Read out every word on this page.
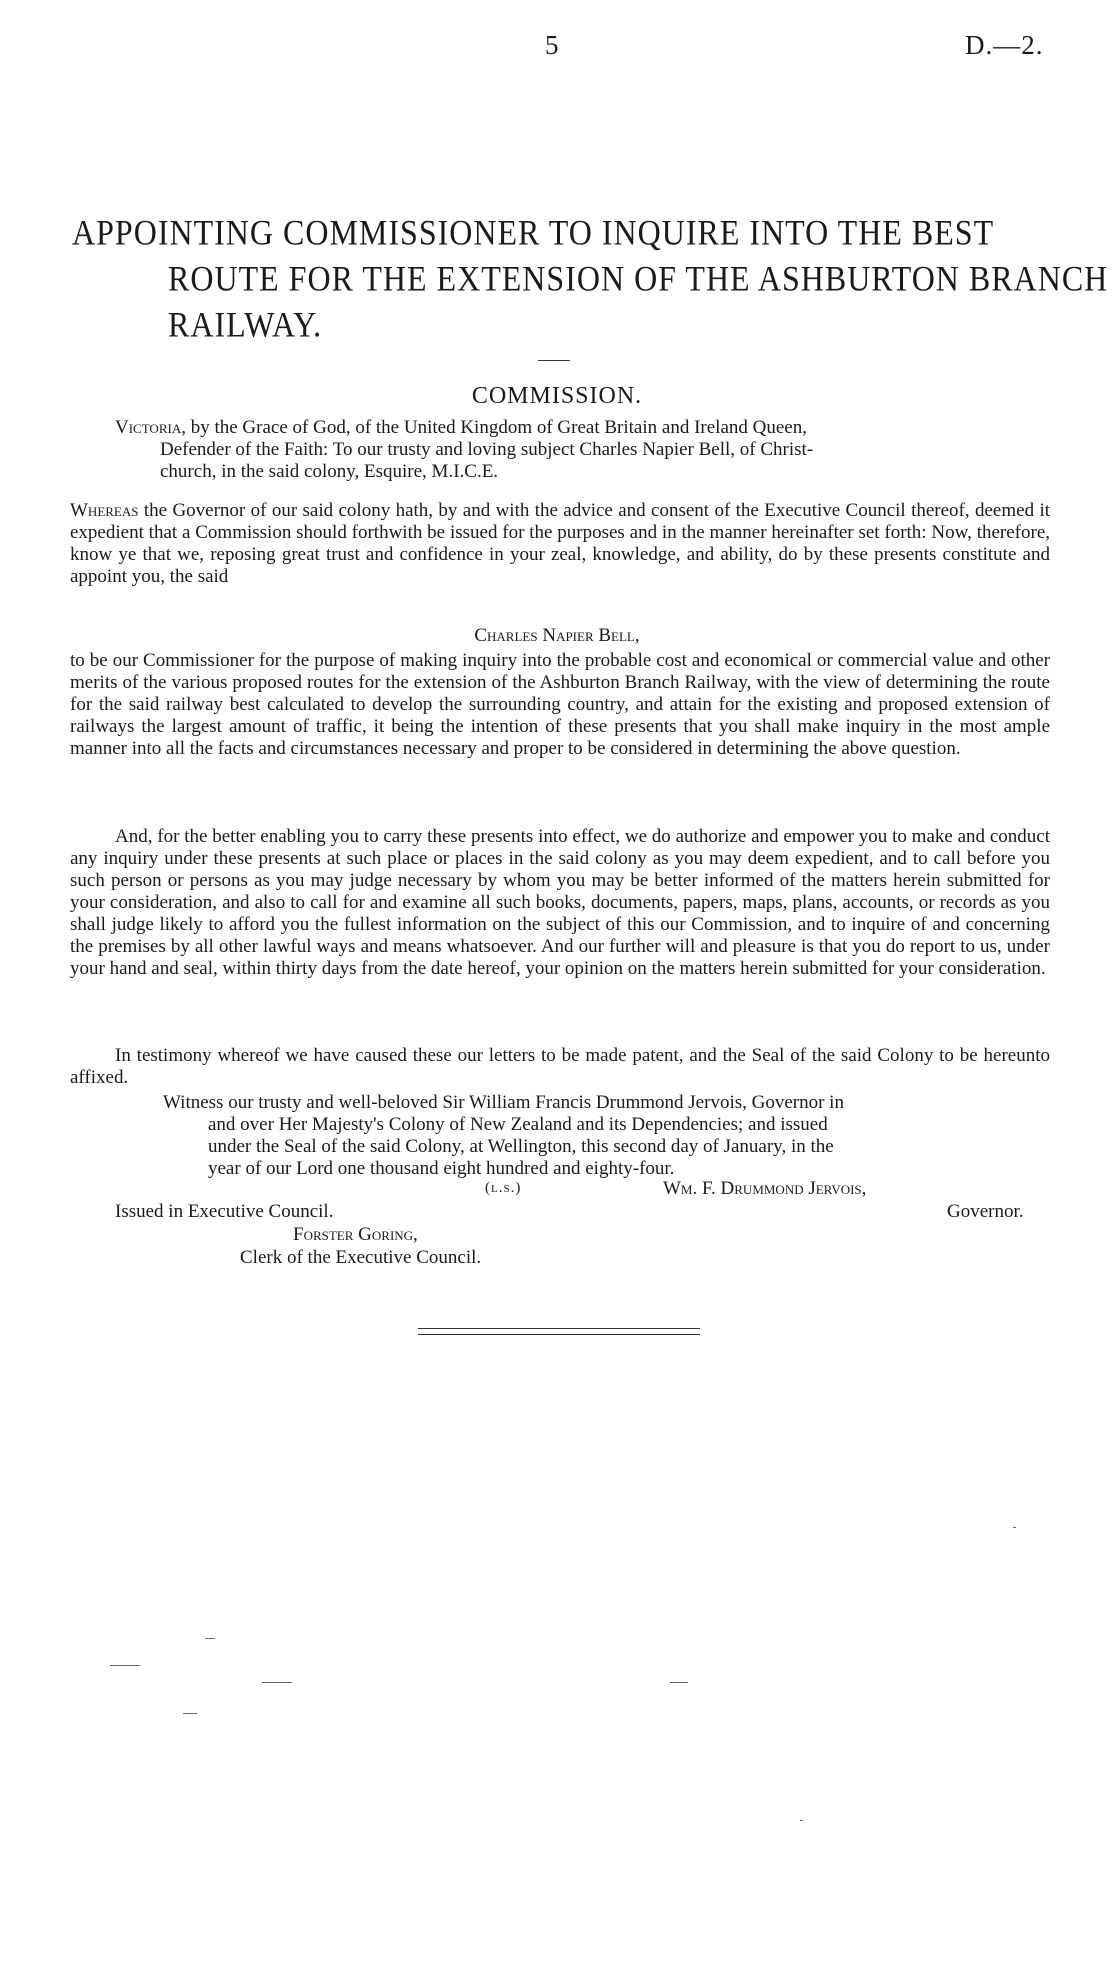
5	D.—2.
APPOINTING COMMISSIONER TO INQUIRE INTO THE BEST
ROUTE FOR THE EXTENSION OF THE ASHBURTON BRANCH
RAILWAY.
COMMISSION.
Victoria, by the Grace of God, of the United Kingdom of Great Britain and Ireland Queen,
Defender of the Faith: To our trusty and loving subject Charles Napier Bell, of Christ-
church, in the said colony, Esquire, M.I.C.E.
Whereas the Governor of our said colony hath, by and with the advice and consent of the Executive Council thereof, deemed it expedient that a Commission should forthwith be issued for the purposes and in the manner hereinafter set forth: Now, therefore, know ye that we, reposing great trust and confidence in your zeal, knowledge, and ability, do by these presents constitute and appoint you, the said
Charles Napier Bell,
to be our Commissioner for the purpose of making inquiry into the probable cost and economical or commercial value and other merits of the various proposed routes for the extension of the Ashburton Branch Railway, with the view of determining the route for the said railway best calculated to develop the surrounding country, and attain for the existing and proposed extension of railways the largest amount of traffic, it being the intention of these presents that you shall make inquiry in the most ample manner into all the facts and circumstances necessary and proper to be considered in determining the above question.
And, for the better enabling you to carry these presents into effect, we do authorize and empower you to make and conduct any inquiry under these presents at such place or places in the said colony as you may deem expedient, and to call before you such person or persons as you may judge necessary by whom you may be better informed of the matters herein submitted for your consideration, and also to call for and examine all such books, documents, papers, maps, plans, accounts, or records as you shall judge likely to afford you the fullest information on the subject of this our Commission, and to inquire of and concerning the premises by all other lawful ways and means whatsoever. And our further will and pleasure is that you do report to us, under your hand and seal, within thirty days from the date hereof, your opinion on the matters herein submitted for your consideration.
In testimony whereof we have caused these our letters to be made patent, and the Seal of the said Colony to be hereunto affixed.
Witness our trusty and well-beloved Sir William Francis Drummond Jervois, Governor in
and over Her Majesty's Colony of New Zealand and its Dependencies; and issued
under the Seal of the said Colony, at Wellington, this second day of January, in the
year of our Lord one thousand eight hundred and eighty-four.
(l.s.)	Wm. F. Drummond Jervois,
Governor.
Issued in Executive Council.
Forster Goring,
Clerk of the Executive Council.
